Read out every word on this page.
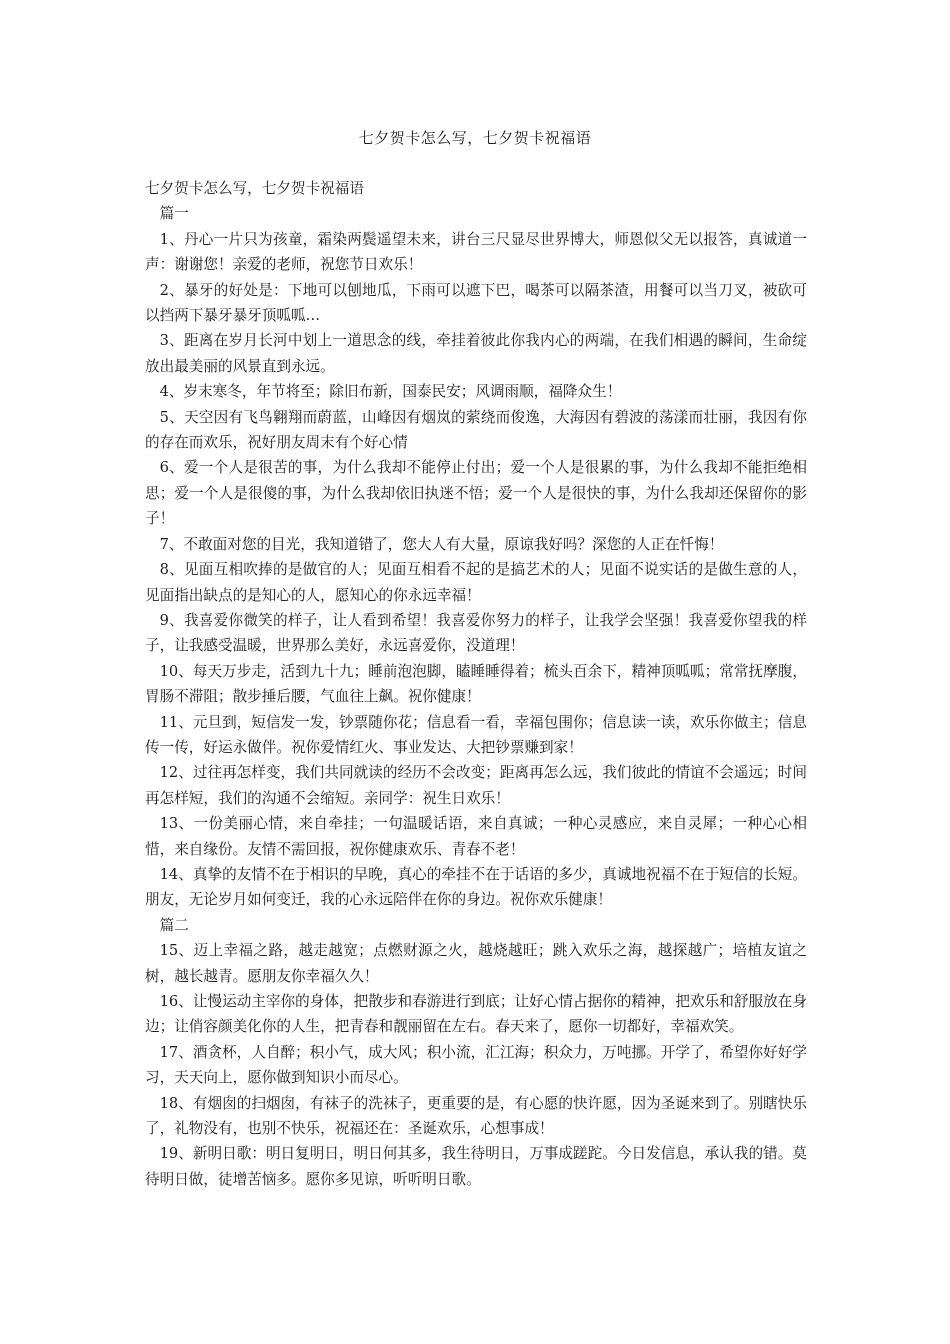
七夕贺卡怎么写，七夕贺卡祝福语

七夕贺卡怎么写，七夕贺卡祝福语

篇一

1、丹心一片只为孩童，霜染两鬓遥望未来，讲台三尺显尽世界博大，师恩似父无以报答，真诚道一声：谢谢您！亲爱的老师，祝您节日欢乐！

2、暴牙的好处是：下地可以刨地瓜，下雨可以遮下巴，喝茶可以隔茶渣，用餐可以当刀叉，被砍可以挡两下暴牙暴牙顶呱呱…

3、距离在岁月长河中划上一道思念的线，牵挂着彼此你我内心的两端，在我们相遇的瞬间，生命绽放出最美丽的风景直到永远。

4、岁末寒冬，年节将至；除旧布新，国泰民安；风调雨顺，福降众生！

5、天空因有飞鸟翱翔而蔚蓝，山峰因有烟岚的萦绕而俊逸，大海因有碧波的荡漾而壮丽，我因有你的存在而欢乐，祝好朋友周末有个好心情

6、爱一个人是很苦的事，为什么我却不能停止付出；爱一个人是很累的事，为什么我却不能拒绝相思；爱一个人是很傻的事，为什么我却依旧执迷不悟；爱一个人是很快的事，为什么我却还保留你的影子！

7、不敢面对您的目光，我知道错了，您大人有大量，原谅我好吗？深您的人正在忏悔！

8、见面互相吹捧的是做官的人；见面互相看不起的是搞艺术的人；见面不说实话的是做生意的人，见面指出缺点的是知心的人，愿知心的你永远幸福！

9、我喜爱你微笑的样子，让人看到希望！我喜爱你努力的样子，让我学会坚强！我喜爱你望我的样子，让我感受温暖，世界那么美好，永远喜爱你，没道理！

10、每天万步走，活到九十九；睡前泡泡脚，瞌睡睡得着；梳头百余下，精神顶呱呱；常常抚摩腹，胃肠不滞阻；散步捶后腰，气血往上飙。祝你健康！

11、元旦到，短信发一发，钞票随你花；信息看一看，幸福包围你；信息读一读，欢乐你做主；信息传一传，好运永做伴。祝你爱情红火、事业发达、大把钞票赚到家！

12、过往再怎样变，我们共同就读的经历不会改变；距离再怎么远，我们彼此的情谊不会遥远；时间再怎样短，我们的沟通不会缩短。亲同学：祝生日欢乐！

13、一份美丽心情，来自牵挂；一句温暖话语，来自真诚；一种心灵感应，来自灵犀；一种心心相惜，来自缘份。友情不需回报，祝你健康欢乐、青春不老！

14、真挚的友情不在于相识的早晚，真心的牵挂不在于话语的多少，真诚地祝福不在于短信的长短。朋友，无论岁月如何变迁，我的心永远陪伴在你的身边。祝你欢乐健康！

篇二

15、迈上幸福之路，越走越宽；点燃财源之火，越烧越旺；跳入欢乐之海，越探越广；培植友谊之树，越长越青。愿朋友你幸福久久！

16、让慢运动主宰你的身体，把散步和春游进行到底；让好心情占据你的精神，把欢乐和舒服放在身边；让俏容颜美化你的人生，把青春和靓丽留在左右。春天来了，愿你一切都好，幸福欢笑。

17、酒贪杯，人自醉；积小气，成大风；积小流，汇江海；积众力，万吨挪。开学了，希望你好好学习，天天向上，愿你做到知识小而尽心。

18、有烟囱的扫烟囱，有袜子的洗袜子，更重要的是，有心愿的快许愿，因为圣诞来到了。别瞎快乐了，礼物没有，也别不快乐，祝福还在：圣诞欢乐，心想事成！

19、新明日歌：明日复明日，明日何其多，我生待明日，万事成蹉跎。今日发信息，承认我的错。莫待明日做，徒增苦恼多。愿你多见谅，听听明日歌。
